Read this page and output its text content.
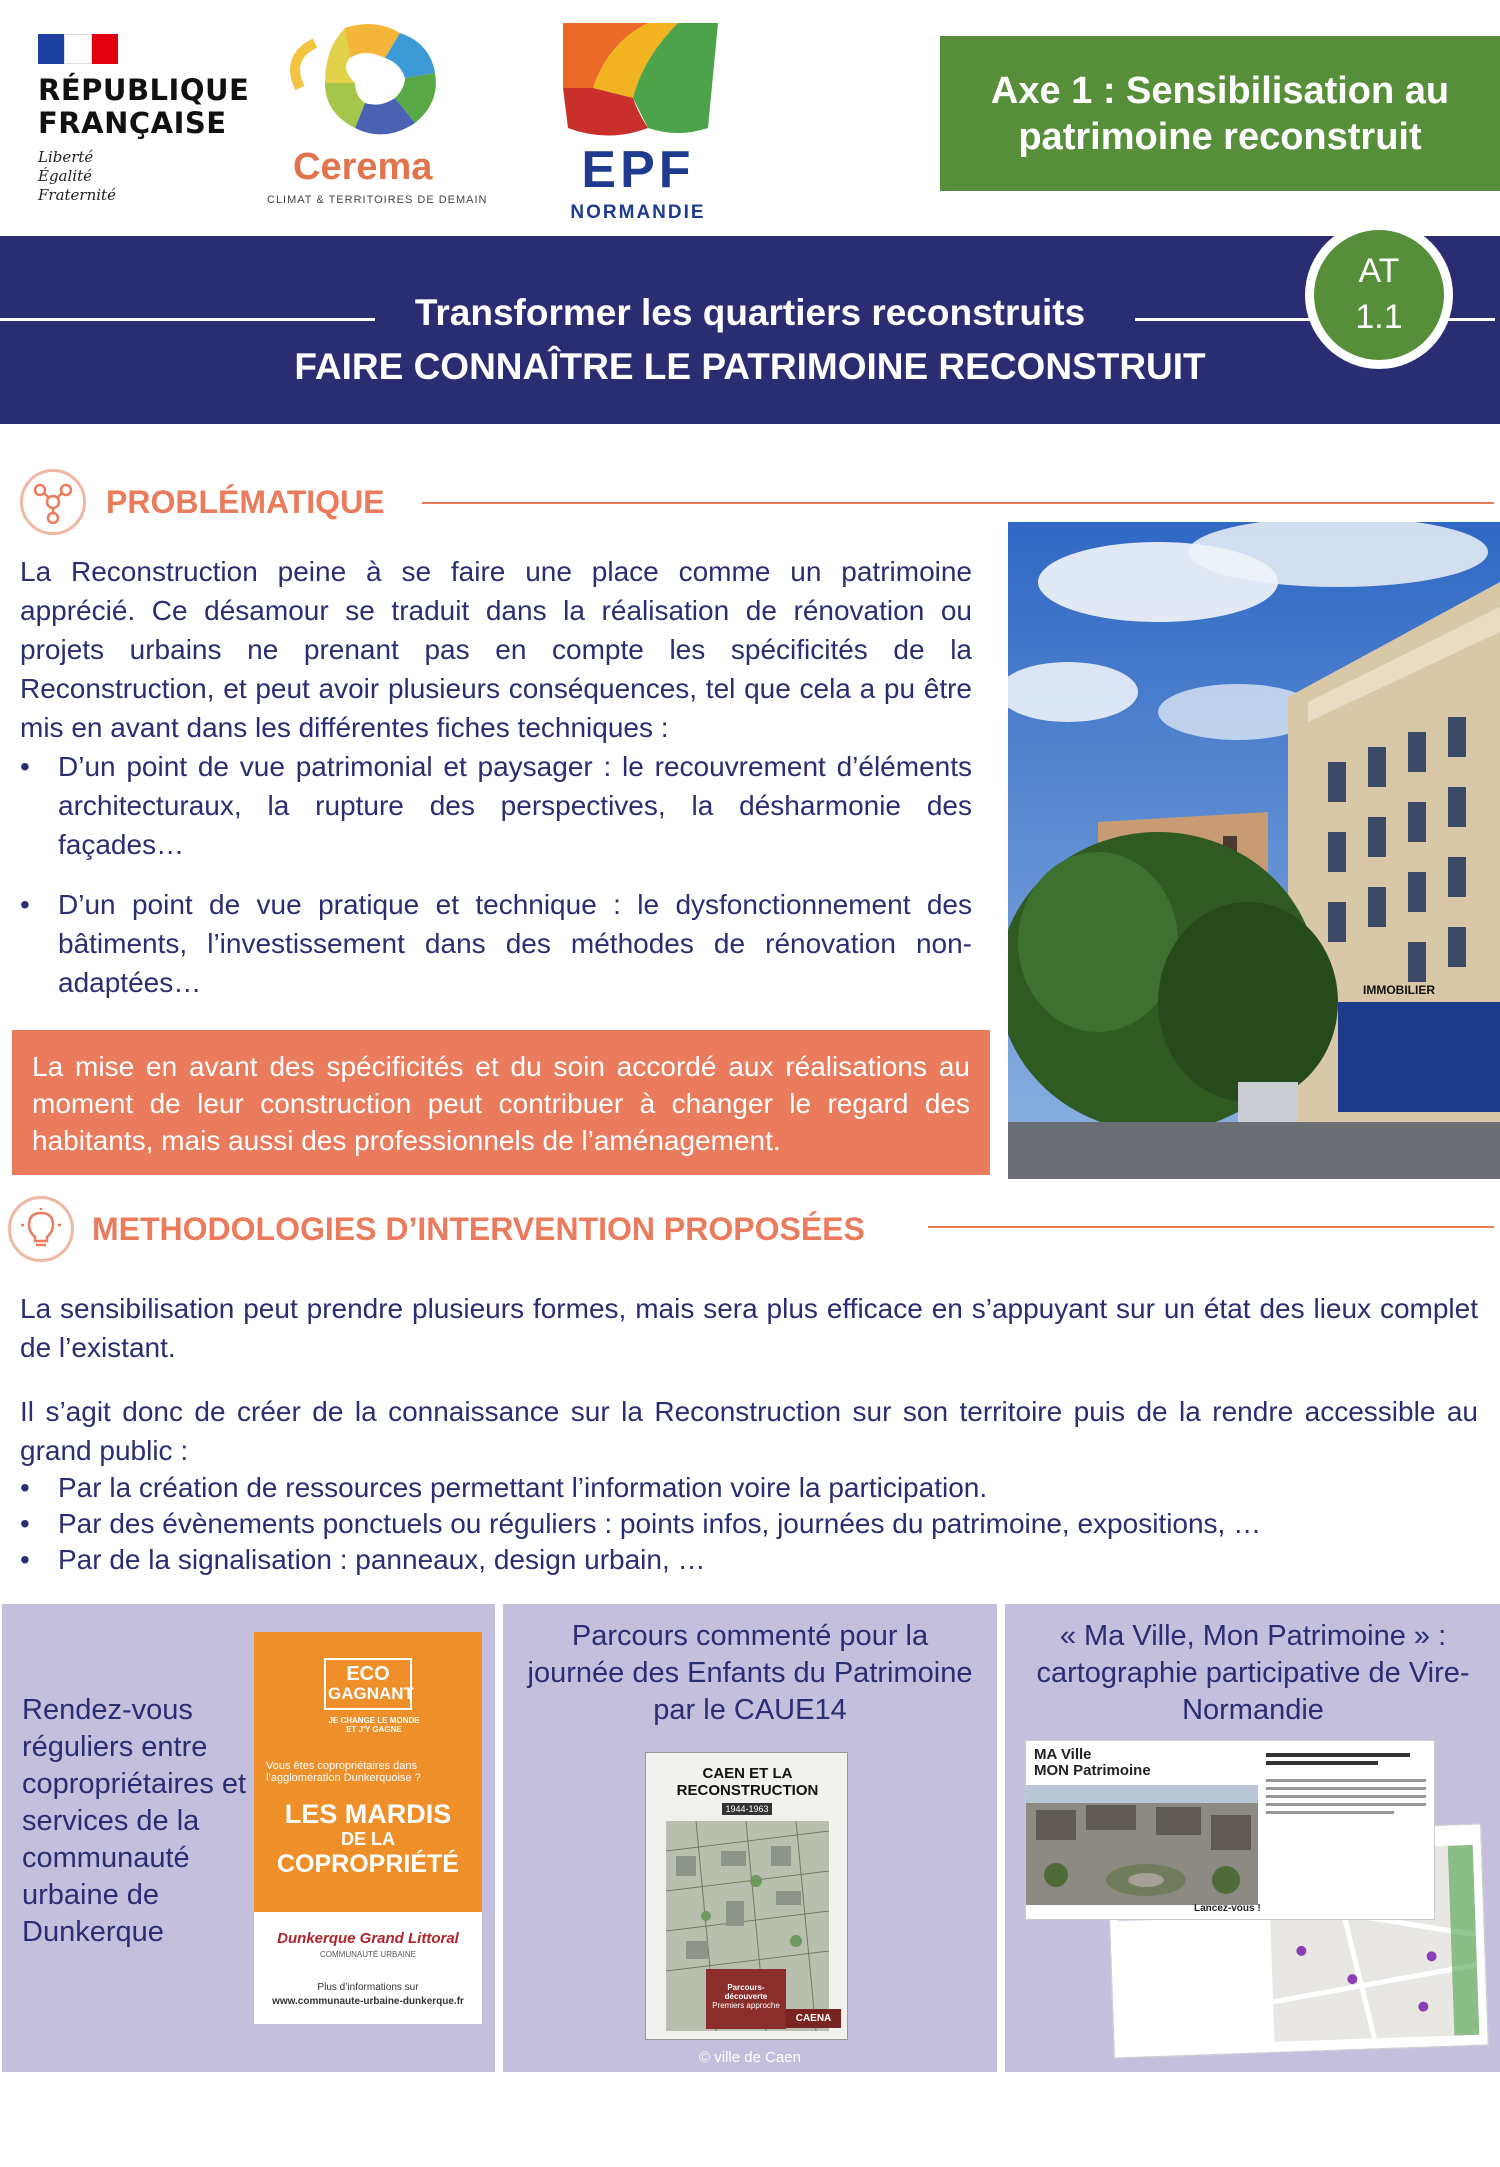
RÉPUBLIQUE
FRANÇAISE
Liberté
Égalité
Fraternité
Cerema
CLIMAT & TERRITOIRES DE DEMAIN
EPF
NORMANDIE
Axe 1 : Sensibilisation au patrimoine reconstruit
Transformer les quartiers reconstruits
FAIRE CONNAÎTRE LE PATRIMOINE RECONSTRUIT
AT
1.1
PROBLÉMATIQUE
La Reconstruction peine à se faire une place comme un patrimoine apprécié. Ce désamour se traduit dans la réalisation de rénovation ou projets urbains ne prenant pas en compte les spécificités de la Reconstruction, et peut avoir plusieurs conséquences, tel que cela a pu être mis en avant dans les différentes fiches techniques :
• D’un point de vue patrimonial et paysager : le recouvrement d’éléments architecturaux, la rupture des perspectives, la désharmonie des façades…
• D’un point de vue pratique et technique : le dysfonctionnement des bâtiments, l’investissement dans des méthodes de rénovation non-adaptées…
La mise en avant des spécificités et du soin accordé aux réalisations au moment de leur construction peut contribuer à changer le regard des habitants, mais aussi des professionnels de l’aménagement.
IMMOBILIER
METHODOLOGIES D’INTERVENTION PROPOSÉES
La sensibilisation peut prendre plusieurs formes, mais sera plus efficace en s’appuyant sur un état des lieux complet de l’existant.
Il s’agit donc de créer de la connaissance sur la Reconstruction sur son territoire puis de la rendre accessible au grand public :
• Par la création de ressources permettant l’information voire la participation.
• Par des évènements ponctuels ou réguliers : points infos, journées du patrimoine, expositions, …
• Par de la signalisation : panneaux, design urbain, …
Rendez-vous réguliers entre copropriétaires et services de la communauté urbaine de Dunkerque
ECO
GAGNANT
JE CHANGE LE MONDE ET J'Y GAGNE
Vous êtes copropriétaires dans l’agglomération Dunkerquoise ?
LES MARDIS
DE LA
COPROPRIÉTÉ
Dunkerque Grand Littoral
COMMUNAUTÉ URBAINE
Plus d’informations sur
www.communaute-urbaine-dunkerque.fr
Parcours commenté pour la journée des Enfants du Patrimoine par le CAUE14
CAEN ET LA RECONSTRUCTION
1944-1963
Parcours-découverte
Premiers approche
CAENA
© ville de Caen
« Ma Ville, Mon Patrimoine » : cartographie participative de Vire-Normandie
MA Ville
MON Patrimoine
Lancez-vous !
